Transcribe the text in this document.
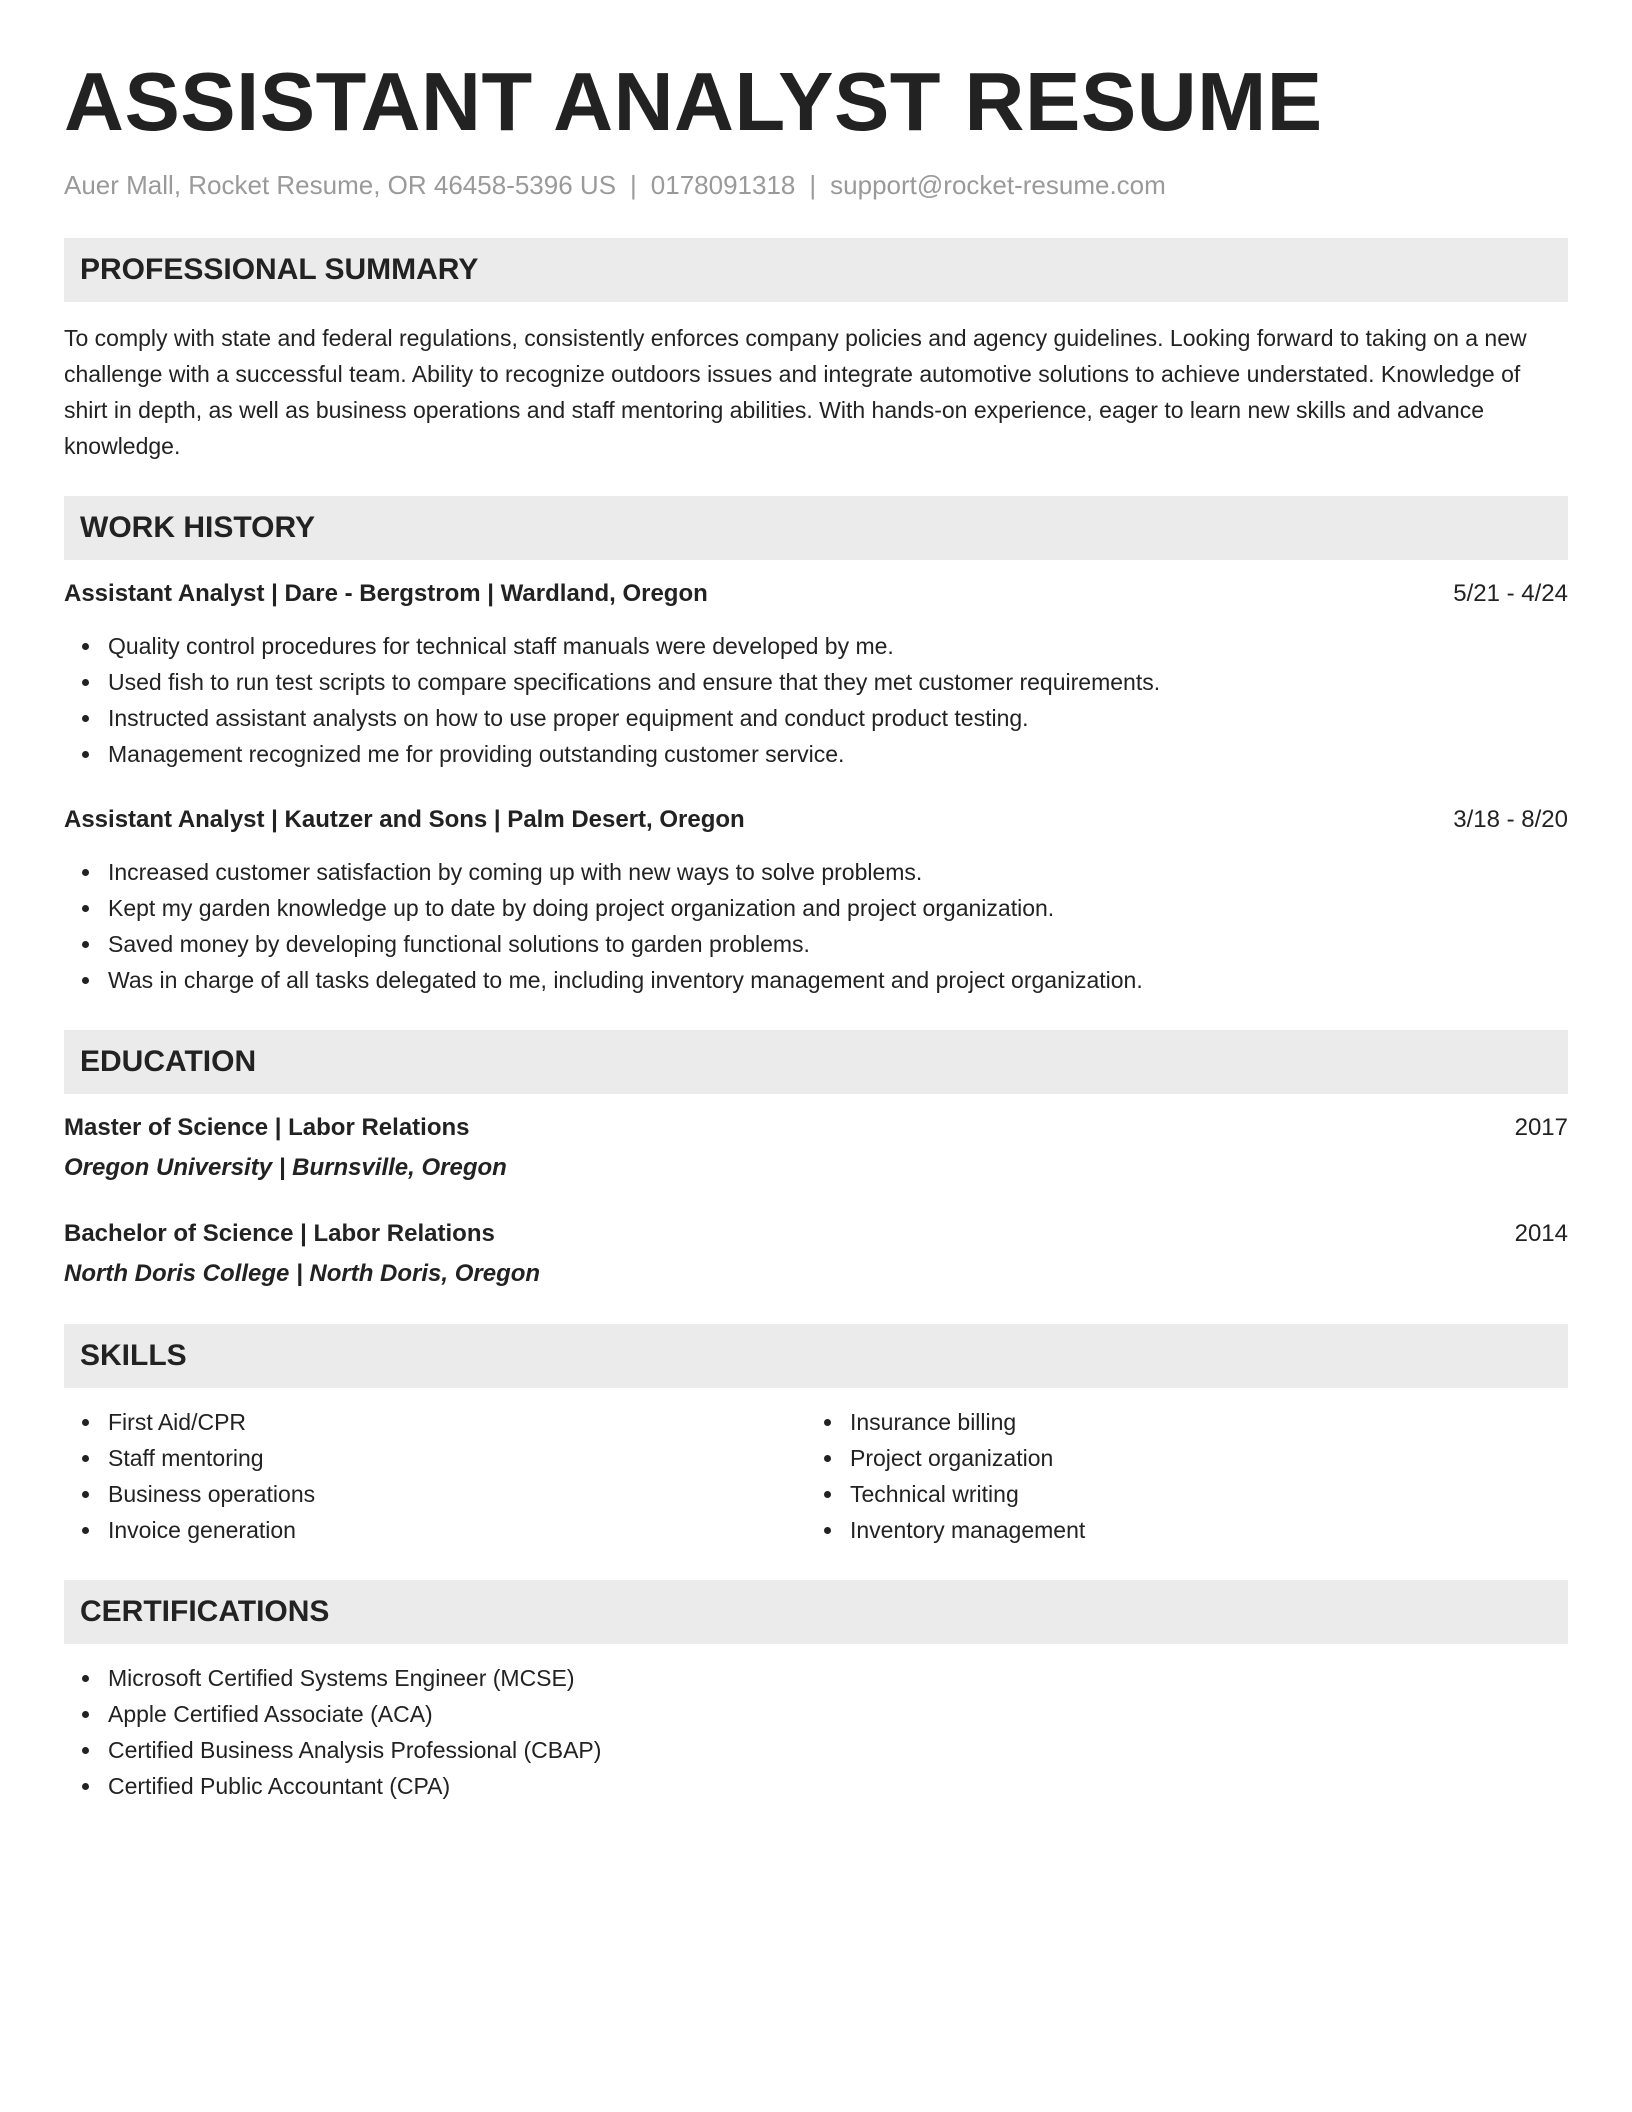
ASSISTANT ANALYST RESUME
Auer Mall, Rocket Resume, OR 46458-5396 US | 0178091318 | support@rocket-resume.com
PROFESSIONAL SUMMARY

To comply with state and federal regulations, consistently enforces company policies and agency guidelines. Looking forward to taking on a new challenge with a successful team. Ability to recognize outdoors issues and integrate automotive solutions to achieve understated. Knowledge of shirt in depth, as well as business operations and staff mentoring abilities. With hands-on experience, eager to learn new skills and advance knowledge.

WORK HISTORY
Assistant Analyst | Dare - Bergstrom | Wardland, Oregon	5/21 - 4/24
Quality control procedures for technical staff manuals were developed by me.
Used fish to run test scripts to compare specifications and ensure that they met customer requirements.
Instructed assistant analysts on how to use proper equipment and conduct product testing.
Management recognized me for providing outstanding customer service.
Assistant Analyst | Kautzer and Sons | Palm Desert, Oregon	3/18 - 8/20
Increased customer satisfaction by coming up with new ways to solve problems.
Kept my garden knowledge up to date by doing project organization and project organization.
Saved money by developing functional solutions to garden problems.
Was in charge of all tasks delegated to me, including inventory management and project organization.
EDUCATION
Master of Science | Labor Relations	2017
Oregon University | Burnsville, Oregon
Bachelor of Science | Labor Relations	2014
North Doris College | North Doris, Oregon
SKILLS
First Aid/CPR
Staff mentoring
Business operations
Invoice generation
Insurance billing
Project organization
Technical writing
Inventory management
CERTIFICATIONS
Microsoft Certified Systems Engineer (MCSE)
Apple Certified Associate (ACA)
Certified Business Analysis Professional (CBAP)
Certified Public Accountant (CPA)
